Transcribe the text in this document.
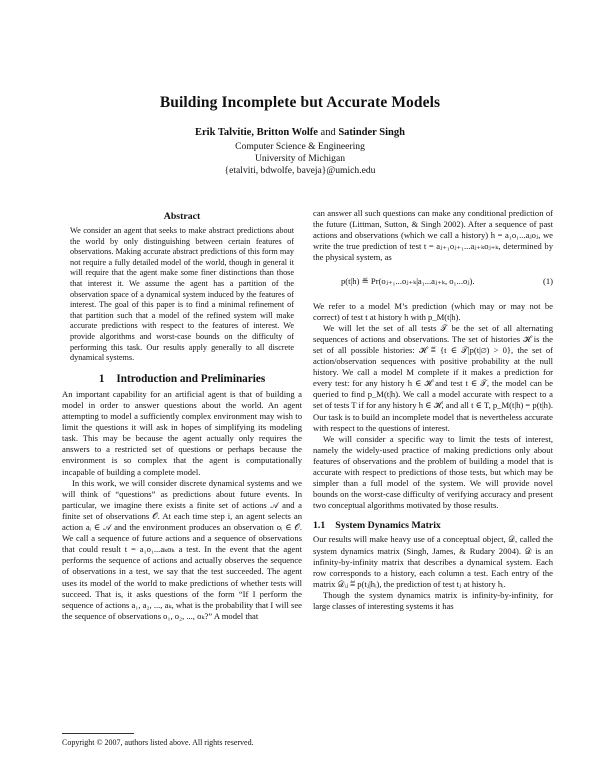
Building Incomplete but Accurate Models
Erik Talvitie, Britton Wolfe and Satinder Singh
Computer Science & Engineering
University of Michigan
{etalviti, bdwolfe, baveja}@umich.edu
Abstract
We consider an agent that seeks to make abstract predictions about the world by only distinguishing between certain features of observations. Making accurate abstract predictions of this form may not require a fully detailed model of the world, though in general it will require that the agent make some finer distinctions than those that interest it. We assume the agent has a partition of the observation space of a dynamical system induced by the features of interest. The goal of this paper is to find a minimal refinement of that partition such that a model of the refined system will make accurate predictions with respect to the features of interest. We provide algorithms and worst-case bounds on the difficulty of performing this task. Our results apply generally to all discrete dynamical systems.
1 Introduction and Preliminaries

An important capability for an artificial agent is that of building a model in order to answer questions about the world. An agent attempting to model a sufficiently complex environment may wish to limit the questions it will ask in hopes of simplifying its modeling task. This may be because the agent actually only requires the answers to a restricted set of questions or perhaps because the environment is so complex that the agent is computationally incapable of building a complete model.

In this work, we will consider discrete dynamical systems and we will think of “questions” as predictions about future events. In particular, we imagine there exists a finite set of actions 𝒜 and a finite set of observations 𝒪. At each time step i, an agent selects an action aᵢ ∈ 𝒜 and the environment produces an observation oᵢ ∈ 𝒪. We call a sequence of future actions and a sequence of observations that could result t = a₁o₁...aₖoₖ a test. In the event that the agent performs the sequence of actions and actually observes the sequence of observations in a test, we say that the test succeeded. The agent uses its model of the world to make predictions of whether tests will succeed. That is, it asks questions of the form “If I perform the sequence of actions a₁, a₂, ..., aₖ, what is the probability that I will see the sequence of observations o₁, o₂, ..., oₖ?” A model that

can answer all such questions can make any conditional prediction of the future (Littman, Sutton, & Singh 2002). After a sequence of past actions and observations (which we call a history) h = a₁o₁...aⱼoⱼ, we write the true prediction of test t = aⱼ₊₁oⱼ₊₁...aⱼ₊ₖoⱼ₊ₖ, determined by the physical system, as

p(t|h) ≝ Pr(oⱼ₊₁...oⱼ₊ₖ|a₁...aⱼ₊ₖ, o₁...oⱼ).	(1)

We refer to a model M’s prediction (which may or may not be correct) of test t at history h with p_M(t|h).

We will let the set of all tests 𝒯 be the set of all alternating sequences of actions and observations. The set of histories ℋ is the set of all possible histories: ℋ ≝ {t ∈ 𝒯|p(t|∅) > 0}, the set of action/observation sequences with positive probability at the null history. We call a model M complete if it makes a prediction for every test: for any history h ∈ ℋ and test t ∈ 𝒯, the model can be queried to find p_M(t|h). We call a model accurate with respect to a set of tests T if for any history h ∈ ℋ, and all t ∈ T, p_M(t|h) = p(t|h). Our task is to build an incomplete model that is nevertheless accurate with respect to the questions of interest.

We will consider a specific way to limit the tests of interest, namely the widely-used practice of making predictions only about features of observations and the problem of building a model that is accurate with respect to predictions of those tests, but which may be simpler than a full model of the system. We will provide novel bounds on the worst-case difficulty of verifying accuracy and present two conceptual algorithms motivated by those results.

1.1 System Dynamics Matrix

Our results will make heavy use of a conceptual object, 𝒟, called the system dynamics matrix (Singh, James, & Rudary 2004). 𝒟 is an infinity-by-infinity matrix that describes a dynamical system. Each row corresponds to a history, each column a test. Each entry of the matrix 𝒟ᵢⱼ ≝ p(tⱼ|hᵢ), the prediction of test tⱼ at history hᵢ.

Though the system dynamics matrix is infinity-by-infinity, for large classes of interesting systems it has

Copyright © 2007, authors listed above. All rights reserved.
